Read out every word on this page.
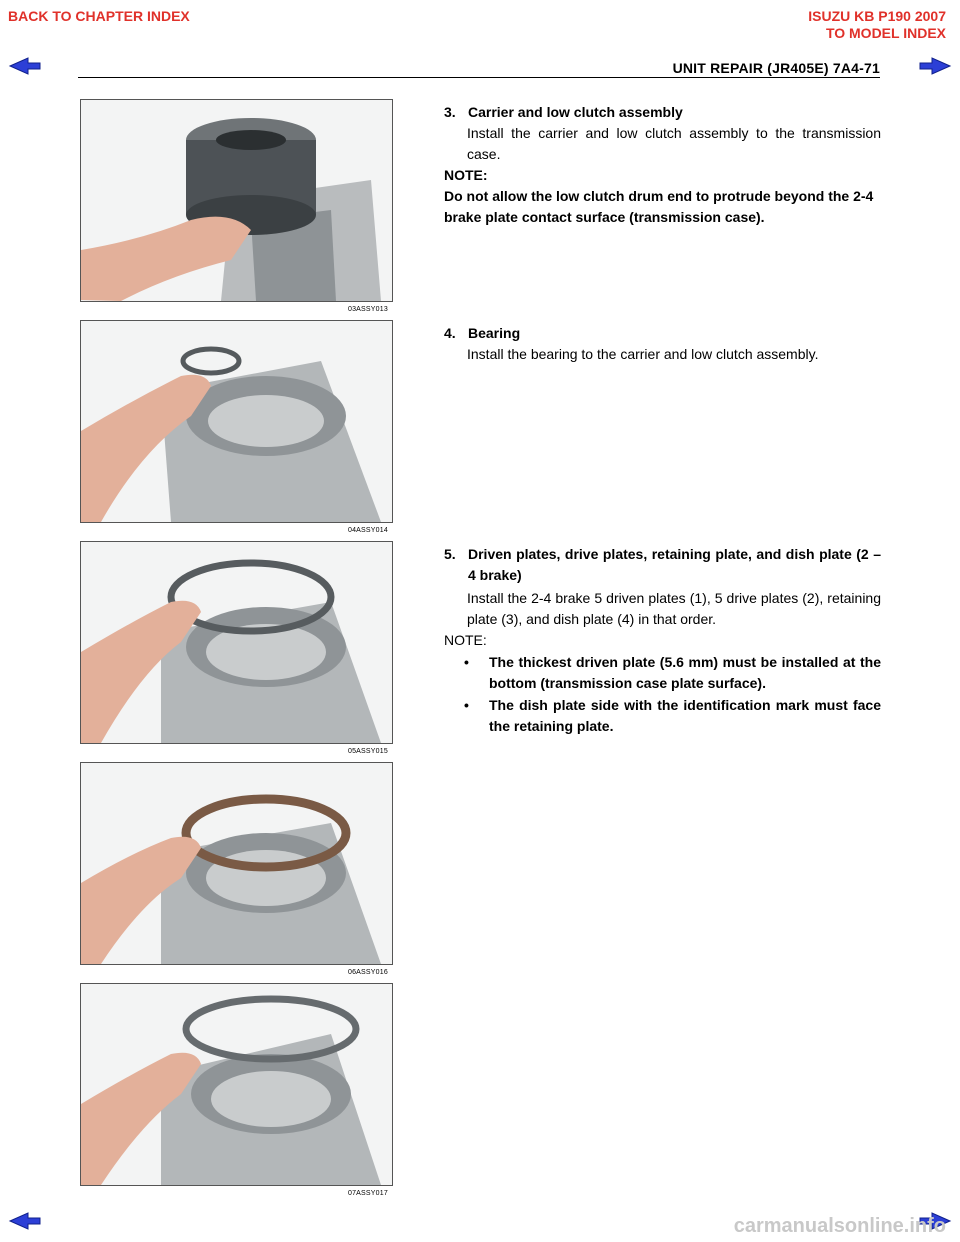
BACK TO CHAPTER INDEX	ISUZU KB P190 2007
TO MODEL INDEX
UNIT REPAIR (JR405E) 7A4-71
03ASSY013
04ASSY014
05ASSY015
06ASSY016
07ASSY017
3. Carrier and low clutch assembly
Install the carrier and low clutch assembly to the transmission case.
NOTE:
Do not allow the low clutch drum end to protrude beyond the 2-4 brake plate contact surface (transmission case).
4. Bearing
Install the bearing to the carrier and low clutch assembly.
5. Driven plates, drive plates, retaining plate, and dish plate (2 – 4 brake)
Install the 2-4 brake 5 driven plates (1), 5 drive plates (2), retaining plate (3), and dish plate (4) in that order.
NOTE:
•	The thickest driven plate (5.6 mm) must be installed at the bottom (transmission case plate surface).
•	The dish plate side with the identification mark must face the retaining plate.
carmanualsonline.info
